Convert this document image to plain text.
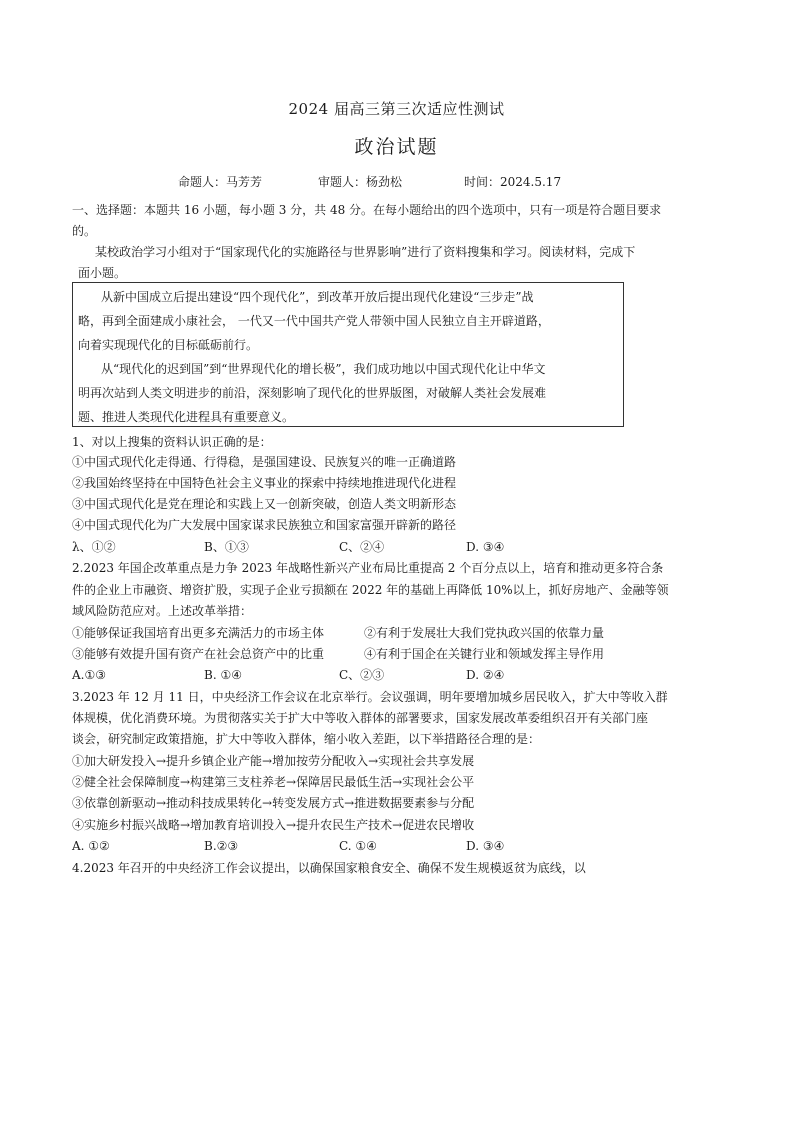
2024 届高三第三次适应性测试
政治试题
命题人：马芳芳	审题人：杨劲松	时间：2024.5.17
一、选择题：本题共 16 小题，每小题 3 分，共 48 分。在每小题给出的四个选项中，只有一项是符合题目要求
的。
某校政治学习小组对于“国家现代化的实施路径与世界影响”进行了资料搜集和学习。阅读材料，完成下
面小题。
从新中国成立后提出建设“四个现代化”，到改革开放后提出现代化建设“三步走”战
略，再到全面建成小康社会， 一代又一代中国共产党人带领中国人民独立自主开辟道路，
向着实现现代化的目标砥砺前行。
从“现代化的迟到国”到“世界现代化的增长极”，我们成功地以中国式现代化让中华文
明再次站到人类文明进步的前沿，深刻影响了现代化的世界版图，对破解人类社会发展难
题、推进人类现代化进程具有重要意义。
1、对以上搜集的资料认识正确的是：
①中国式现代化走得通、行得稳，是强国建设、民族复兴的唯一正确道路
②我国始终坚持在中国特色社会主义事业的探索中持续地推进现代化进程
③中国式现代化是党在理论和实践上又一创新突破，创造人类文明新形态
④中国式现代化为广大发展中国家谋求民族独立和国家富强开辟新的路径
λ、①②	B、①③	C、②④	D. ③④
2.2023 年国企改革重点是力争 2023 年战略性新兴产业布局比重提高 2 个百分点以上，培育和推动更多符合条
件的企业上市融资、增资扩股，实现子企业亏损额在 2022 年的基础上再降低 10%以上，抓好房地产、金融等领
域风险防范应对。上述改革举措：
①能够保证我国培育出更多充满活力的市场主体	②有利于发展壮大我们党执政兴国的依靠力量
③能够有效提升国有资产在社会总资产中的比重	④有利于国企在关键行业和领域发挥主导作用
A.①③	B. ①④	C、②③	D. ②④
3.2023 年 12 月 11 日，中央经济工作会议在北京举行。会议强调，明年要增加城乡居民收入，扩大中等收入群
体规模，优化消费环境。为贯彻落实关于扩大中等收入群体的部署要求，国家发展改革委组织召开有关部门座
谈会，研究制定政策措施，扩大中等收入群体，缩小收入差距，以下举措路径合理的是：
①加大研发投入→提升乡镇企业产能→增加按劳分配收入→实现社会共享发展
②健全社会保障制度→构建第三支柱养老→保障居民最低生活→实现社会公平
③依靠创新驱动→推动科技成果转化→转变发展方式→推进数据要素参与分配
④实施乡村振兴战略→增加教育培训投入→提升农民生产技术→促进农民增收
A. ①②	B.②③	C. ①④	D. ③④
4.2023 年召开的中央经济工作会议提出，以确保国家粮食安全、确保不发生规模返贫为底线，以
